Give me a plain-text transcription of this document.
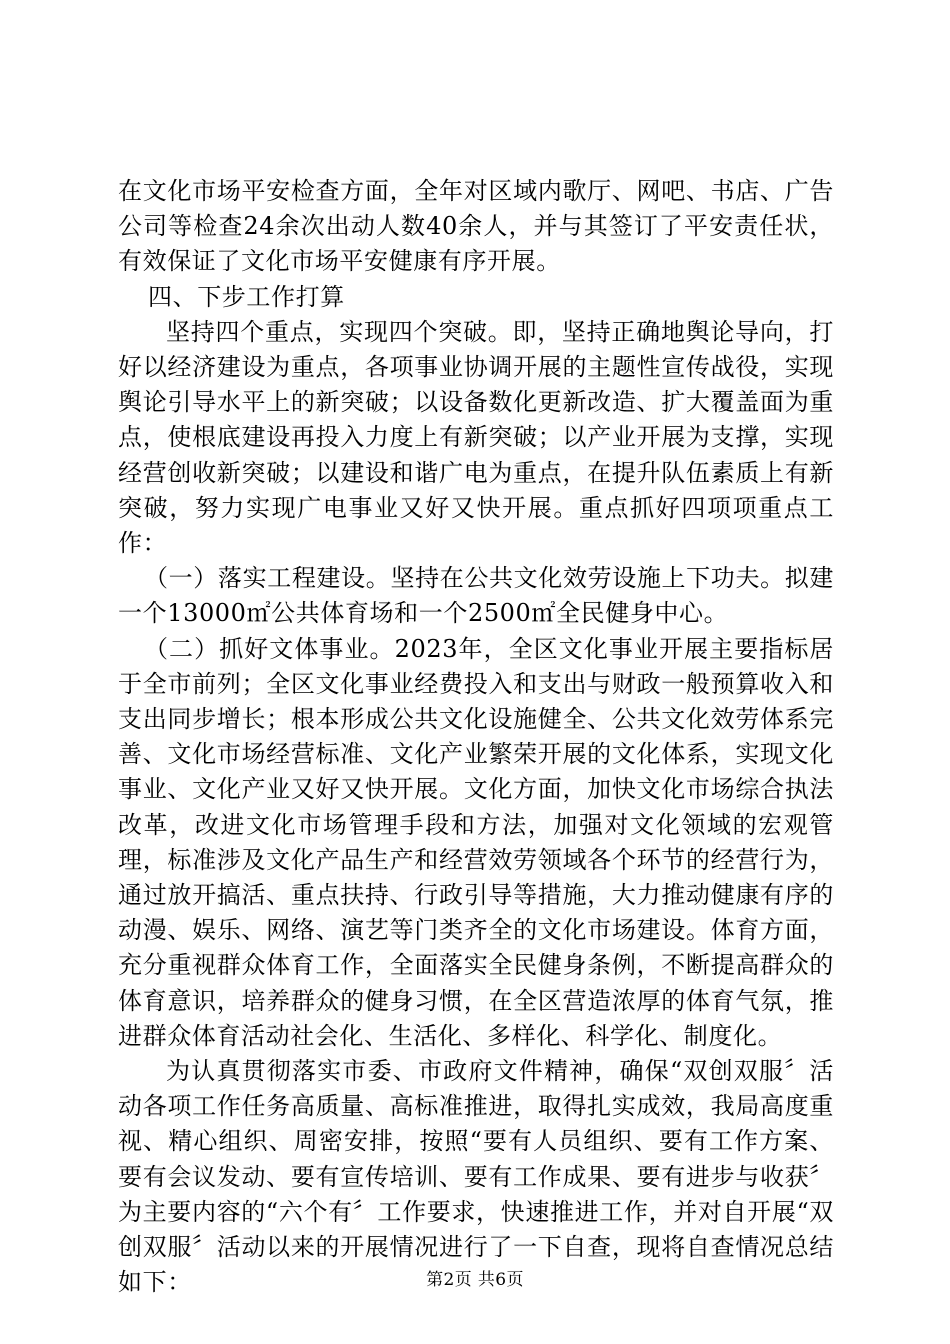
在文化市场平安检查方面，全年对区域内歌厅、网吧、书店、广告公司等检查24余次出动人数40余人，并与其签订了平安责任状，有效保证了文化市场平安健康有序开展。

四、下步工作打算

坚持四个重点，实现四个突破。即，坚持正确地舆论导向，打好以经济建设为重点，各项事业协调开展的主题性宣传战役，实现舆论引导水平上的新突破；以设备数化更新改造、扩大覆盖面为重点，使根底建设再投入力度上有新突破；以产业开展为支撑，实现经营创收新突破；以建设和谐广电为重点，在提升队伍素质上有新突破，努力实现广电事业又好又快开展。重点抓好四项项重点工作：

（一）落实工程建设。坚持在公共文化效劳设施上下功夫。拟建一个13000㎡公共体育场和一个2500㎡全民健身中心。

（二）抓好文体事业。2023年，全区文化事业开展主要指标居于全市前列；全区文化事业经费投入和支出与财政一般预算收入和支出同步增长；根本形成公共文化设施健全、公共文化效劳体系完善、文化市场经营标准、文化产业繁荣开展的文化体系，实现文化事业、文化产业又好又快开展。文化方面，加快文化市场综合执法改革，改进文化市场管理手段和方法，加强对文化领域的宏观管理，标准涉及文化产品生产和经营效劳领域各个环节的经营行为，通过放开搞活、重点扶持、行政引导等措施，大力推动健康有序的动漫、娱乐、网络、演艺等门类齐全的文化市场建设。体育方面，充分重视群众体育工作，全面落实全民健身条例，不断提高群众的体育意识，培养群众的健身习惯，在全区营造浓厚的体育气氛，推进群众体育活动社会化、生活化、多样化、科学化、制度化。

为认真贯彻落实市委、市政府文件精神，确保“双创双服〞活动各项工作任务高质量、高标准推进，取得扎实成效，我局高度重视、精心组织、周密安排，按照“要有人员组织、要有工作方案、要有会议发动、要有宣传培训、要有工作成果、要有进步与收获〞为主要内容的“六个有〞工作要求，快速推进工作，并对自开展“双创双服〞活动以来的开展情况进行了一下自查，现将自查情况总结如下：	第2页 共6页
